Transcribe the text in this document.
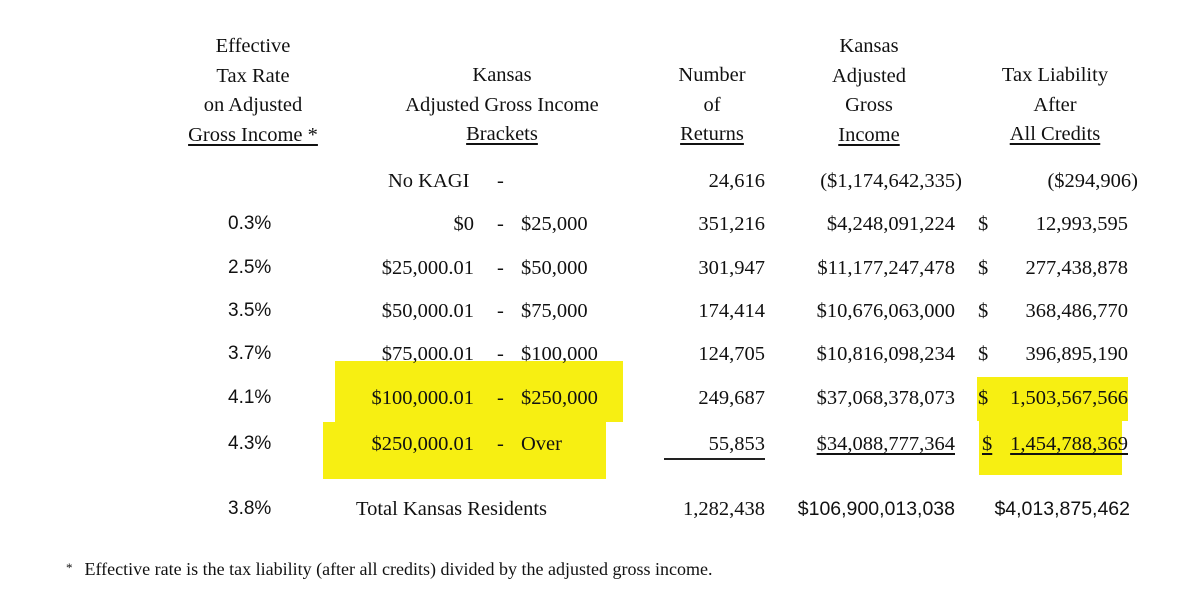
Effective
Tax Rate
on Adjusted
Gross Income *
Kansas
Adjusted Gross Income
Brackets
Number
of
Returns
Kansas
Adjusted
Gross
Income
Tax Liability
After
All Credits
No KAGI -	24,616	($1,174,642,335)	($294,906)
0.3%	$0 - $25,000	351,216	$4,248,091,224 $	12,993,595
2.5%	$25,000.01 - $50,000	301,947	$11,177,247,478 $	277,438,878
3.5%	$50,000.01 - $75,000	174,414	$10,676,063,000 $	368,486,770
3.7%	$75,000.01 - $100,000	124,705	$10,816,098,234 $	396,895,190
4.1%	$100,000.01 - $250,000	249,687	$37,068,378,073 $	1,503,567,566
4.3%	$250,000.01 - Over	55,853	$34,088,777,364 $ 1,454,788,369
3.8%	Total Kansas Residents	1,282,438	$106,900,013,038	$4,013,875,462
* Effective rate is the tax liability (after all credits) divided by the adjusted gross income.
